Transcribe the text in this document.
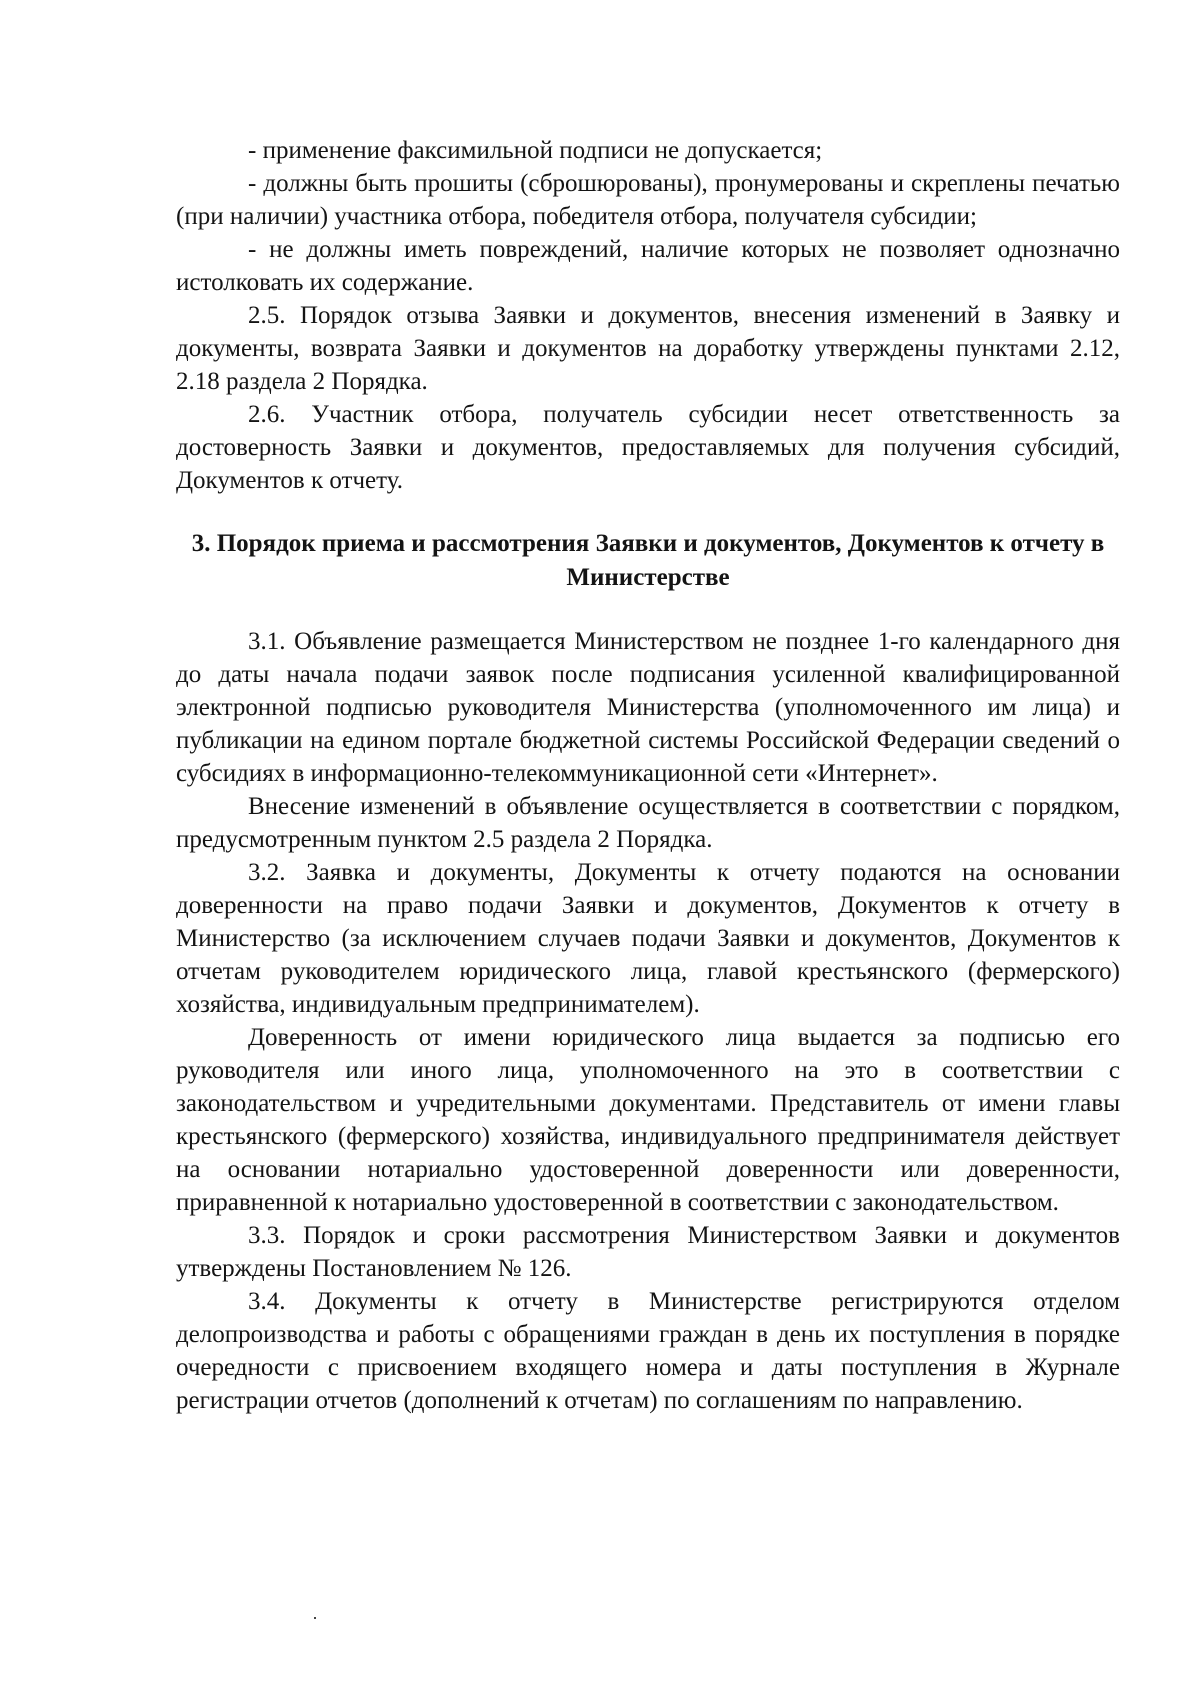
- применение факсимильной подписи не допускается;

- должны быть прошиты (сброшюрованы), пронумерованы и скреплены печатью (при наличии) участника отбора, победителя отбора, получателя субсидии;

- не должны иметь повреждений, наличие которых не позволяет однозначно истолковать их содержание.

2.5. Порядок отзыва Заявки и документов, внесения изменений в Заявку и документы, возврата Заявки и документов на доработку утверждены пунктами 2.12, 2.18 раздела 2 Порядка.

2.6. Участник отбора, получатель субсидии несет ответственность за достоверность Заявки и документов, предоставляемых для получения субсидий, Документов к отчету.

3. Порядок приема и рассмотрения Заявки и документов, Документов к отчету в Министерстве

3.1. Объявление размещается Министерством не позднее 1-го календарного дня до даты начала подачи заявок после подписания усиленной квалифицированной электронной подписью руководителя Министерства (уполномоченного им лица) и публикации на едином портале бюджетной системы Российской Федерации сведений о субсидиях в информационно-телекоммуникационной сети «Интернет».

Внесение изменений в объявление осуществляется в соответствии с порядком, предусмотренным пунктом 2.5 раздела 2 Порядка.

3.2. Заявка и документы, Документы к отчету подаются на основании доверенности на право подачи Заявки и документов, Документов к отчету в Министерство (за исключением случаев подачи Заявки и документов, Документов к отчетам руководителем юридического лица, главой крестьянского (фермерского) хозяйства, индивидуальным предпринимателем).

Доверенность от имени юридического лица выдается за подписью его руководителя или иного лица, уполномоченного на это в соответствии с законодательством и учредительными документами. Представитель от имени главы крестьянского (фермерского) хозяйства, индивидуального предпринимателя действует на основании нотариально удостоверенной доверенности или доверенности, приравненной к нотариально удостоверенной в соответствии с законодательством.

3.3. Порядок и сроки рассмотрения Министерством Заявки и документов утверждены Постановлением № 126.

3.4. Документы к отчету в Министерстве регистрируются отделом делопроизводства и работы с обращениями граждан в день их поступления в порядке очередности с присвоением входящего номера и даты поступления в Журнале регистрации отчетов (дополнений к отчетам) по соглашениям по направлению.
